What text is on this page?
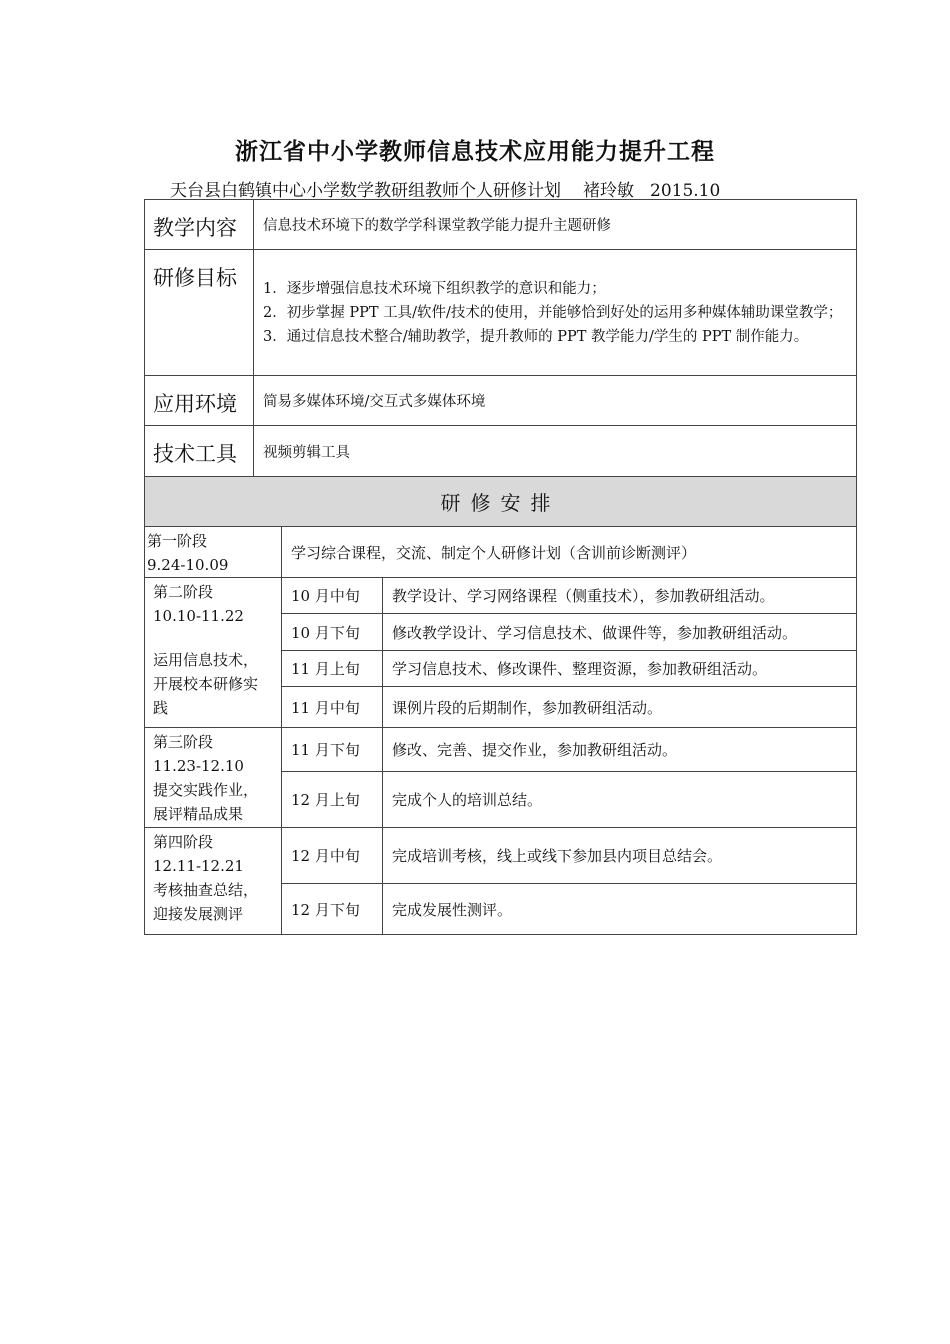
浙江省中小学教师信息技术应用能力提升工程
天台县白鹤镇中心小学数学教研组教师个人研修计划 褚玲敏 2015.10
教学内容	信息技术环境下的数学学科课堂教学能力提升主题研修
研修目标	1．逐步增强信息技术环境下组织教学的意识和能力；
2．初步掌握 PPT 工具/软件/技术的使用，并能够恰到好处的运用多种媒体辅助课堂教学；
3．通过信息技术整合/辅助教学，提升教师的 PPT 教学能力/学生的 PPT 制作能力。

应用环境	简易多媒体环境/交互式多媒体环境
技术工具	视频剪辑工具
研修安排	
第一阶段
9.24-10.09	学习综合课程，交流、制定个人研修计划（含训前诊断测评）	

第二阶段
10.10-11.22
运用信息技术，
开展校本研修实
践	10 月中旬	教学设计、学习网络课程（侧重技术），参加教研组活动。
	10 月下旬	修改教学设计、学习信息技术、做课件等，参加教研组活动。
	11 月上旬	学习信息技术、修改课件、整理资源，参加教研组活动。
	11 月中旬	课例片段的后期制作，参加教研组活动。

第三阶段
11.23-12.10
提交实践作业，
展评精品成果	11 月下旬	修改、完善、提交作业，参加教研组活动。
	12 月上旬	完成个人的培训总结。

第四阶段
12.11-12.21
考核抽查总结，
迎接发展测评	12 月中旬	完成培训考核，线上或线下参加县内项目总结会。
	12 月下旬	完成发展性测评。
